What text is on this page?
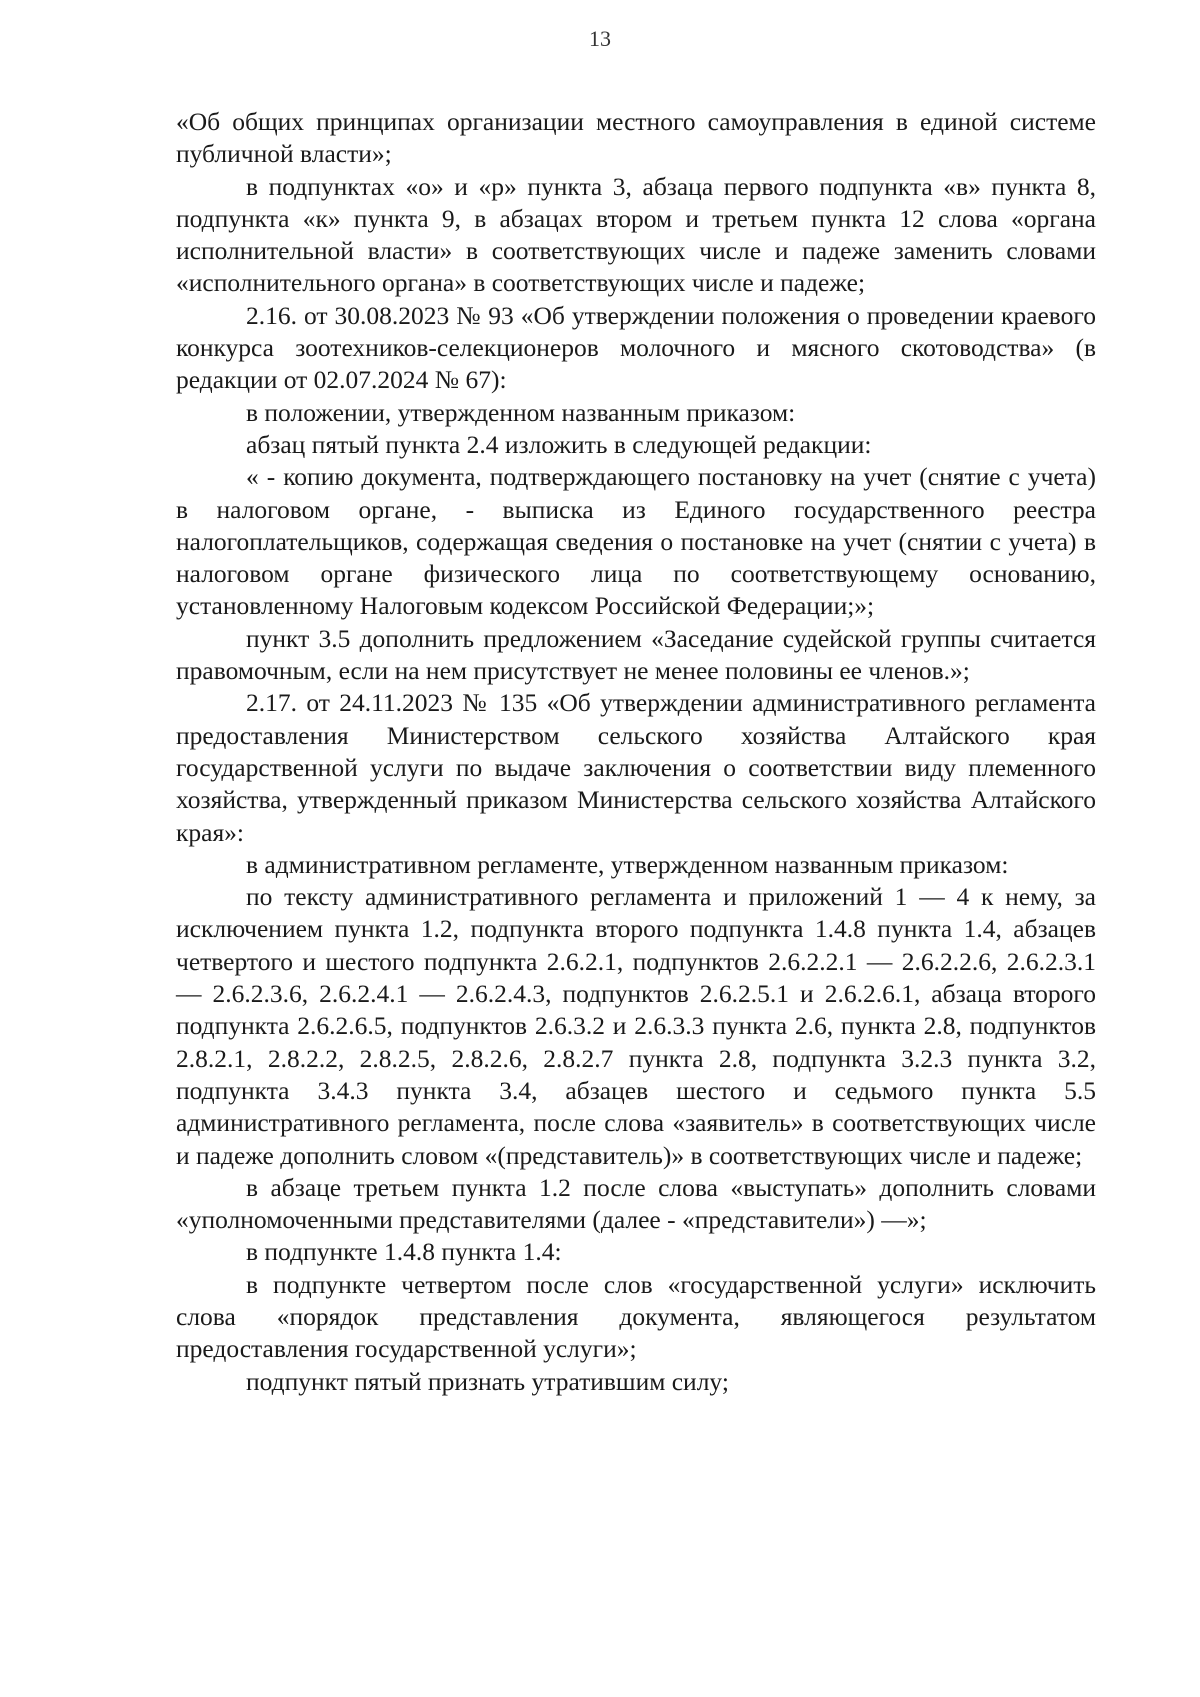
13

«Об общих принципах организации местного самоуправления в единой системе публичной власти»;

в подпунктах «о» и «р» пункта 3, абзаца первого подпункта «в» пункта 8, подпункта «к» пункта 9, в абзацах втором и третьем пункта 12 слова «органа исполнительной власти» в соответствующих числе и падеже заменить словами «исполнительного органа» в соответствующих числе и падеже;

2.16. от 30.08.2023 № 93 «Об утверждении положения о проведении краевого конкурса зоотехников-селекционеров молочного и мясного скотоводства» (в редакции от 02.07.2024 № 67):

в положении, утвержденном названным приказом:

абзац пятый пункта 2.4 изложить в следующей редакции:

« - копию документа, подтверждающего постановку на учет (снятие с учета) в налоговом органе, - выписка из Единого государственного реестра налогоплательщиков, содержащая сведения о постановке на учет (снятии с учета) в налоговом органе физического лица по соответствующему основанию, установленному Налоговым кодексом Российской Федерации;»;

пункт 3.5 дополнить предложением «Заседание судейской группы считается правомочным, если на нем присутствует не менее половины ее членов.»;

2.17. от 24.11.2023 № 135 «Об утверждении административного регламента предоставления Министерством сельского хозяйства Алтайского края государственной услуги по выдаче заключения о соответствии виду племенного хозяйства, утвержденный приказом Министерства сельского хозяйства Алтайского края»:

в административном регламенте, утвержденном названным приказом:

по тексту административного регламента и приложений 1 — 4 к нему, за исключением пункта 1.2, подпункта второго подпункта 1.4.8 пункта 1.4, абзацев четвертого и шестого подпункта 2.6.2.1, подпунктов 2.6.2.2.1 — 2.6.2.2.6, 2.6.2.3.1 — 2.6.2.3.6, 2.6.2.4.1 — 2.6.2.4.3, подпунктов 2.6.2.5.1 и 2.6.2.6.1, абзаца второго подпункта 2.6.2.6.5, подпунктов 2.6.3.2 и 2.6.3.3 пункта 2.6, пункта 2.8, подпунктов 2.8.2.1, 2.8.2.2, 2.8.2.5, 2.8.2.6, 2.8.2.7 пункта 2.8, подпункта 3.2.3 пункта 3.2, подпункта 3.4.3 пункта 3.4, абзацев шестого и седьмого пункта 5.5 административного регламента, после слова «заявитель» в соответствующих числе и падеже дополнить словом «(представитель)» в соответствующих числе и падеже;

в абзаце третьем пункта 1.2 после слова «выступать» дополнить словами «уполномоченными представителями (далее - «представители») —»;

в подпункте 1.4.8 пункта 1.4:

в подпункте четвертом после слов «государственной услуги» исключить слова «порядок представления документа, являющегося результатом предоставления государственной услуги»;

подпункт пятый признать утратившим силу;
